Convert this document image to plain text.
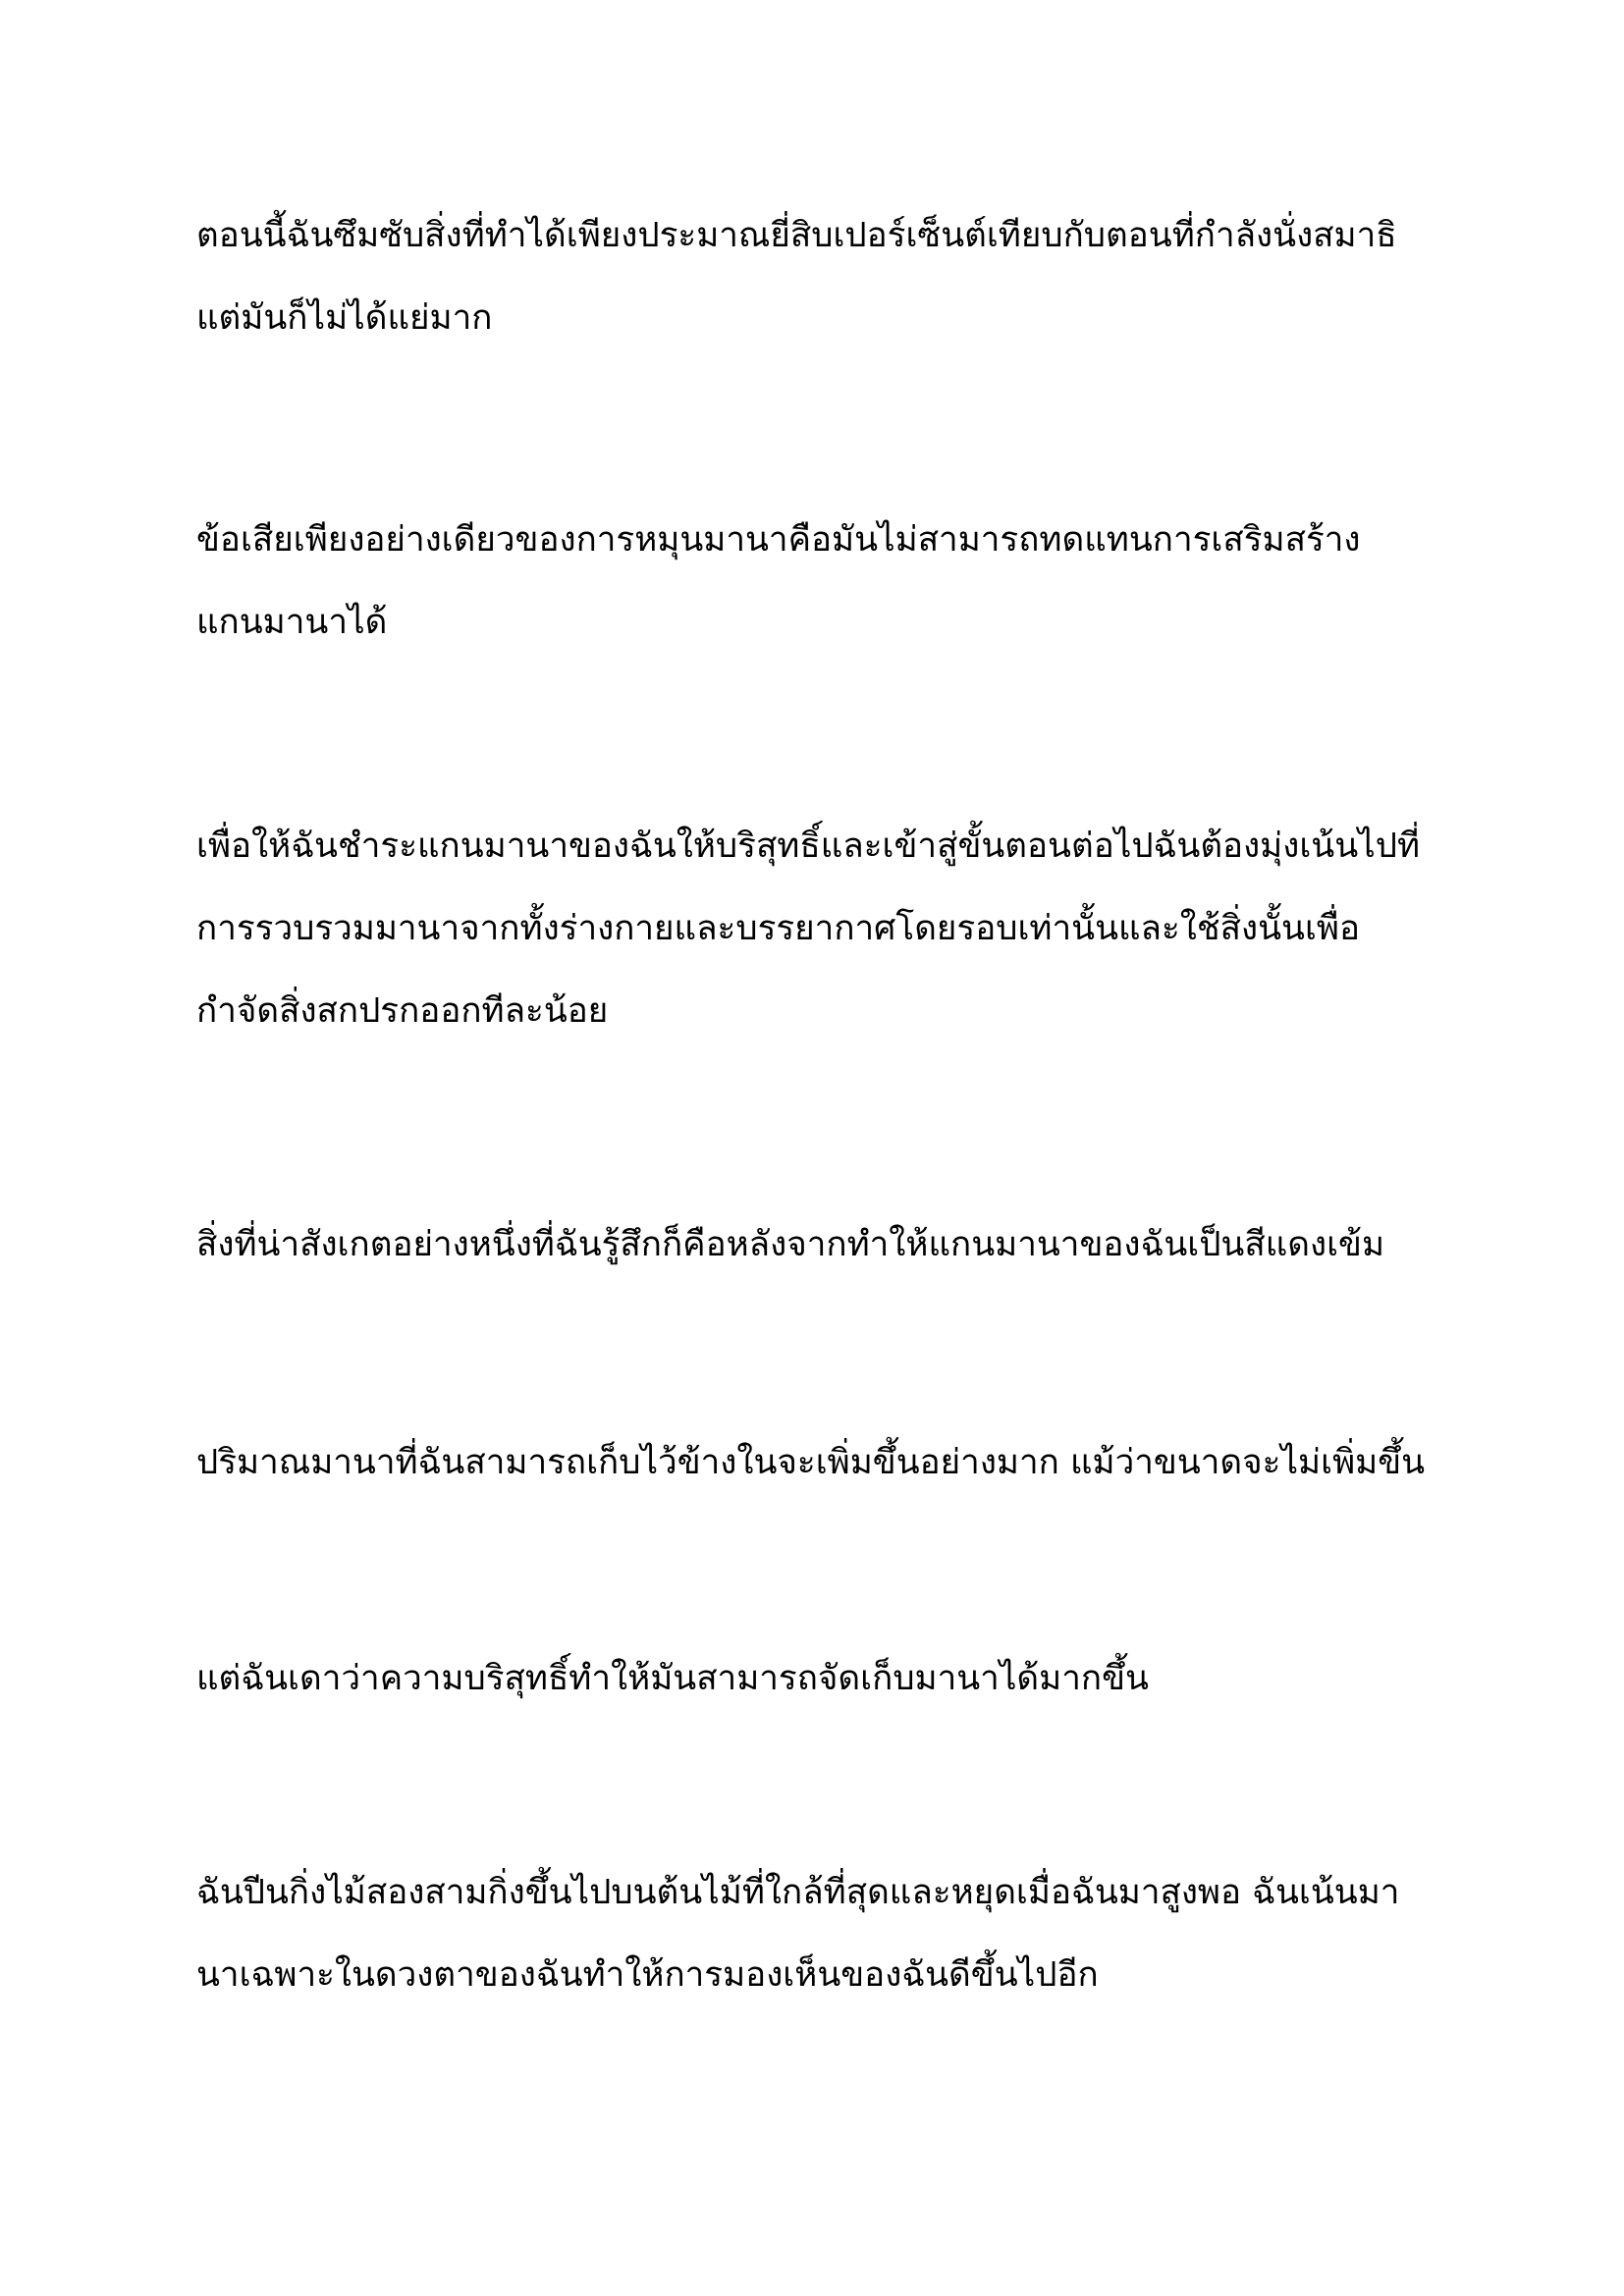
ตอนนี้ฉันซึมซับสิ่งที่ทำได้เพียงประมาณยี่สิบเปอร์เซ็นต์เทียบกับตอนที่กำลังนั่งสมาธิ
แต่มันก็ไม่ได้แย่มาก

ข้อเสียเพียงอย่างเดียวของการหมุนมานาคือมันไม่สามารถทดแทนการเสริมสร้าง
แกนมานาได้

เพื่อให้ฉันชำระแกนมานาของฉันให้บริสุทธิ์และเข้าสู่ขั้นตอนต่อไปฉันต้องมุ่งเน้นไปที่
การรวบรวมมานาจากทั้งร่างกายและบรรยากาศโดยรอบเท่านั้นและใช้สิ่งนั้นเพื่อ
กำจัดสิ่งสกปรกออกทีละน้อย

สิ่งที่น่าสังเกตอย่างหนึ่งที่ฉันรู้สึกก็คือหลังจากทำให้แกนมานาของฉันเป็นสีแดงเข้ม

ปริมาณมานาที่ฉันสามารถเก็บไว้ข้างในจะเพิ่มขึ้นอย่างมาก แม้ว่าขนาดจะไม่เพิ่มขึ้น

แต่ฉันเดาว่าความบริสุทธิ์ทำให้มันสามารถจัดเก็บมานาได้มากขึ้น

ฉันปีนกิ่งไม้สองสามกิ่งขึ้นไปบนต้นไม้ที่ใกล้ที่สุดและหยุดเมื่อฉันมาสูงพอ ฉันเน้นมา
นาเฉพาะในดวงตาของฉันทำให้การมองเห็นของฉันดีขึ้นไปอีก
